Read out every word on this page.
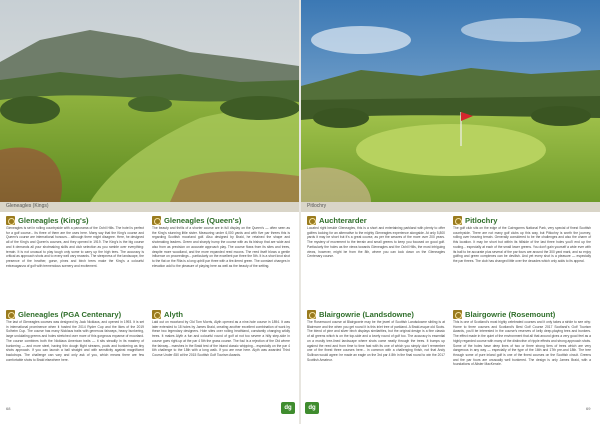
Gleneagles (Kings)	Pitlochry
Gleneagles (King's)

Gleneagles is set in rolling countryside with a panorama of the Ochil Hills. The hotel is perfect for a golf course... its three of them are the uses here. Many say that the King's course and Queen's course are international honours... although there might disagree. Here, he designed all of the King's and Queen's courses, and they opened in 1919. The King's is the big course and it demands all your shotmaking skills and club selection as you ramble over everything: terrain. It is not unusual to play tough only some to carry up the high tees. The accuracy is critical as approach shots and to every well vary rewards. The steepness of the landscape, the presence of the heather, gorse, pines and birch trees make the King's a colourful extravaganza of golf with tremendous scenery and excitement.

Gleneagles (PGA Centenary)

The last of Gleneagles courses was designed by Jack Nicklaus, and opened in 1993. It is set in international prominence when it hosted the 2014 Ryder Cup and the likes of the 2019 Solheim Cup. The course has many Nicklaus traits with generous fairways, heavy bunkering, large undulating greens and holes stretched over more of this gorgeous expanse of moorland. The course combines both the Nicklaus American traits — it sits steadily in its mastery of bunkering — and more steel, having thin dough flight streams, pools and bunkering as tiny shots approach. If you can launch a ball straight and with sensitivity against magnificent backdrops. The challenge can vary and only ask of you, which means there are few comfortable shots to Braid elsewhere here.

Gleneagles (Queen's)

The beauty and thrills of a shorter course are in full display on the Queen's — often seen as the King's stunning little sister. Measuring under 6,000 yards and with five par threes this is regarding Scottish moorland golf. Also designed by Braid, he retained the shape and shotmaking leaders. Green and sharply hump the course with as its bishop that are wide and also from as precision on accurate approach play. The course flows from its sites and trees, despite more woodland, and the more expanded reed moons. The reed itself blows a gentle influence on proceedings... particularly on the excellent par three the 5th. It is a short knot shot to the flat on the Rita is a long uphill par three with a tire-tiered green. The constant changes in elevation add to the pleasure of playing here as well as the beauty of the setting.

Alyth

Laid out on moorland by Old Tom Morris, Alyth opened as a nine-hole course in 1894. It was later extended to 18 holes by James Braid, creating another excellent combination of work by these two legendary designers. Hole sites over rolling heathland, constantly changing wildly trees. It makes Alyth a fun and colourful round of golf at not too severe a hilly step-side in course goes right-up at the par 4 5th the grass course. The foul is a rejection of the Old where the fairway... marshes in the Braid test of the inland classic whipping... especially on the par 4 6th challenge to the 18th with a long walk. If you are near here. Alyth was awarded Third Course Under £50 at the 2015 Scottish Golf Tourism Awards.

Auchterarder

Located right beside Gleneagles, this is a short and entertaining parkland with plenty to offer golfers looking for an alternative to the mighty Gleneagles experience alongside. At only 5,800 yards it may be short but it's a great course, as per the weaves of the more over 200 years. The mystery of movement to the terrain and small greens to keep you focused on good golf. Particularly the holes as the views towards Gleneagles and the Ochil Hills, the most intriguing views, however, might be from the 8th, where you can look down on the Gleneagles Centenary course.

Blairgowrie (Landsdowne)

The Rosemount course at Blairgowrie may be the jewel of Scottish Landsdowne sibling is at Blairmore and the when you get round it is this inlet tree of parkland. A Braid-esque old Scots. The blend of pine and silver birch displays similarities, but the original design is a fine classic of all greens which is on the top-side and a lovely round of golf too. The accuracy is essential on a mostly tree-lined landscape where shots come neatly through the trees. It bumps up against the reed and from time to time fast with its one of which you simply don't remember one of the finest three courses here... in common with a challenging finish, not that Andy Sullivan would agree: he made an eagle on the 3rd par 4 8th in the final round to win the 2017 Scottish Amateur.

Pitlochry

The golf club sits on the edge of the Cairngorms National Park, very special of finest Scottish countryside. There are not many golf clubs up this way, but Pitlochry is worth the journey, rolling over heaving terrain. Generally considered to be the challenges and also the charm of this location. It may be short but within its hillside of the last three holes you'll end up the routing... especially at each of the small lower greens. You don't gain yourself a wide ever with its ball to be accurate plus several of the par fours are around the 300 yard mark, and so enjoy golfing and green complexes can be devilish. And yet every shot is a pleasure — especially the par threes. The club has changed little over the decades which only adds to its appeal.

Blairgowrie (Rosemount)

This is one of Scotland's most highly celebrated courses and it only takes a stride to see why: Home to three courses and Scotland's Best Golf Course 2017 Scotland's Golf Tourism Awards, you'll be interested in the course's reserves of kelly deep-playing tees and bunkers. The effect made in the quiet of the environment that all that around gives a very good feel as a highly regarded course with many of the distinctive of ripple effects and strong approach shots. Some of the holes have deep lines of two or three strong tiers of trees which are very dangerous in any way — especially of the type of the 16th and 17th pre-and 18th. The tree through some of pure inland golf is one of the finest courses on the Scottish circuit. Greens and the par fours are unusually well bunkered. The design is only James Braid, with a foundations of Alister MacKenzie.

68	dg	dg	69
